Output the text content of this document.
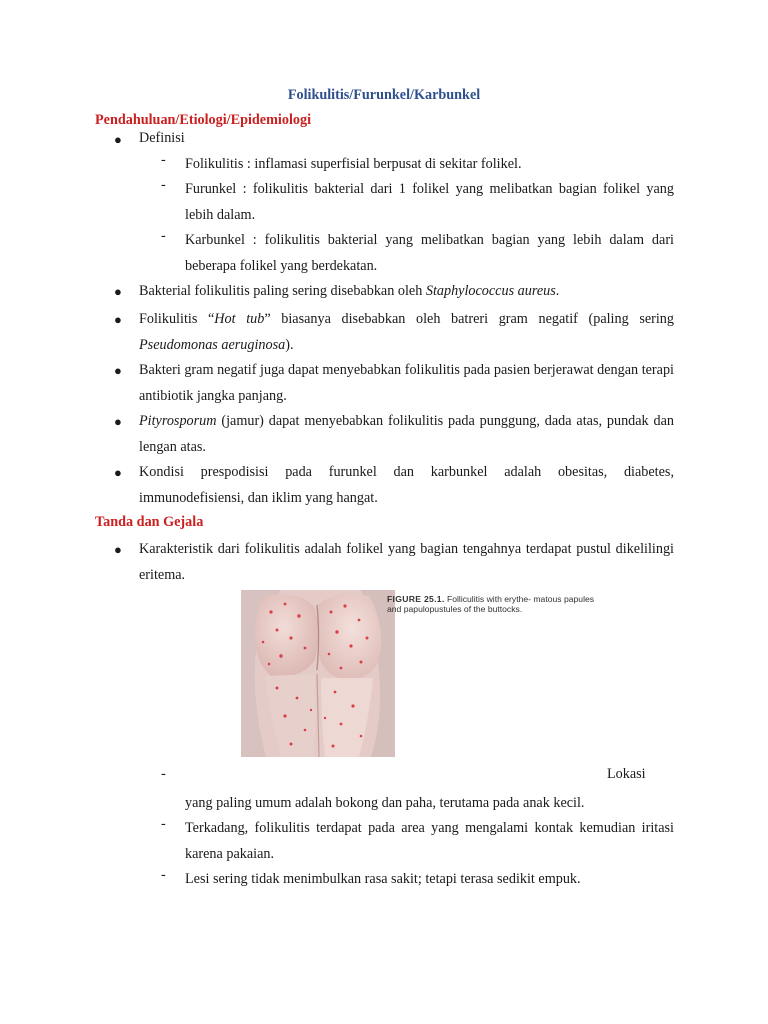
Folikulitis/Furunkel/Karbunkel
Pendahuluan/Etiologi/Epidemiologi
● Definisi
- Folikulitis : inflamasi superfisial berpusat di sekitar folikel.
- Furunkel : folikulitis bakterial dari 1 folikel yang melibatkan bagian folikel yang lebih dalam.
- Karbunkel : folikulitis bakterial yang melibatkan bagian yang lebih dalam dari beberapa folikel yang berdekatan.
● Bakterial folikulitis paling sering disebabkan oleh Staphylococcus aureus.
● Folikulitis “Hot tub” biasanya disebabkan oleh batreri gram negatif (paling sering Pseudomonas aeruginosa).
● Bakteri gram negatif juga dapat menyebabkan folikulitis pada pasien berjerawat dengan terapi antibiotik jangka panjang.
● Pityrosporum (jamur) dapat menyebabkan folikulitis pada punggung, dada atas, pundak dan lengan atas.
● Kondisi prespodisisi pada furunkel dan karbunkel adalah obesitas, diabetes, immunodefisiensi, dan iklim yang hangat.
Tanda dan Gejala
● Karakteristik dari folikulitis adalah folikel yang bagian tengahnya terdapat pustul dikelilingi eritema.
FIGURE 25.1. Folliculitis with erythe- matous papules and papulopustules of the buttocks.
-	Lokasi
yang paling umum adalah bokong dan paha, terutama pada anak kecil.
- Terkadang, folikulitis terdapat pada area yang mengalami kontak kemudian iritasi karena pakaian.
- Lesi sering tidak menimbulkan rasa sakit; tetapi terasa sedikit empuk.
